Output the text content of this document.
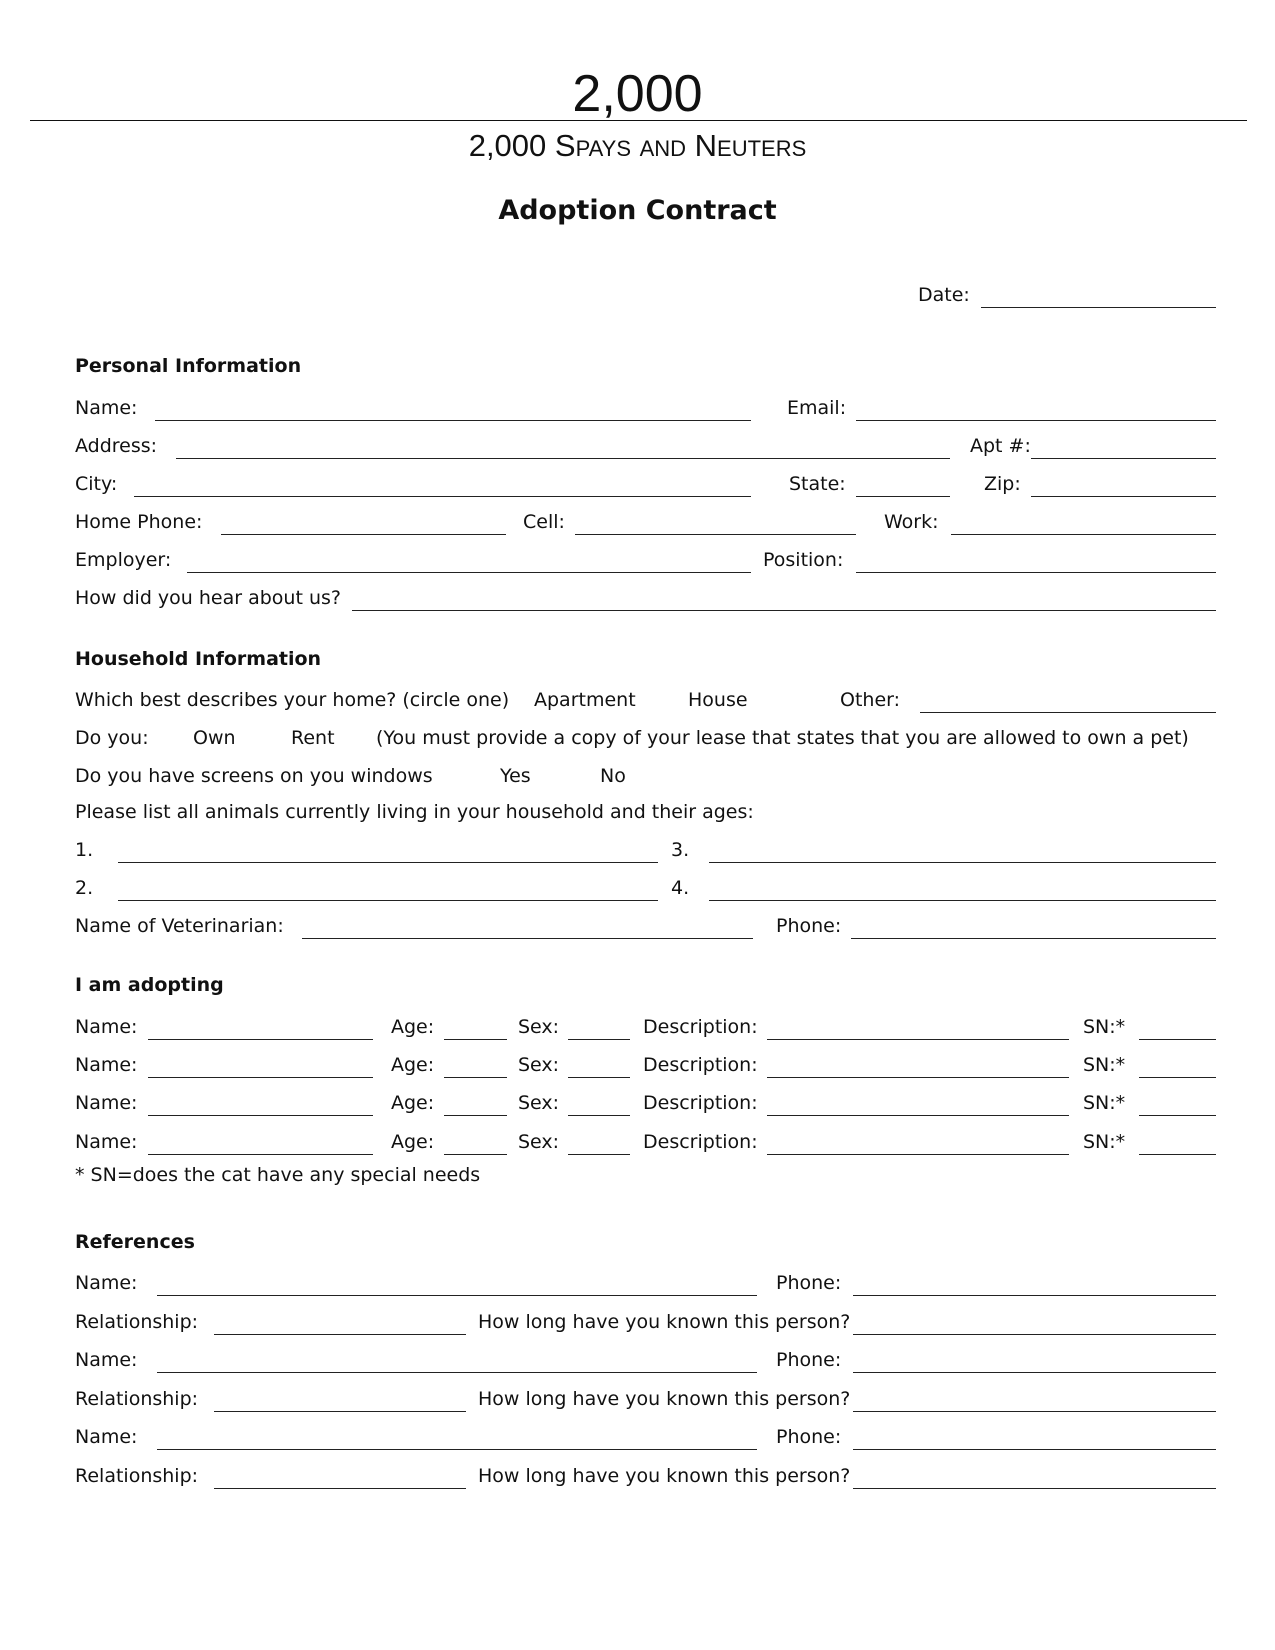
2,000
2,000 Spays and Neuters
Adoption Contract
Date:
Personal Information
Name:	Email:
Address:	Apt #:
City:	State:	Zip:
Home Phone:	Cell:	Work:
Employer:	Position:
How did you hear about us?
Household Information
Which best describes your home? (circle one) Apartment	House	Other:
Do you: Own	Rent (You must provide a copy of your lease that states that you are allowed to own a pet)
Do you have screens on you windows	Yes	No
Please list all animals currently living in your household and their ages:
1.	3.
2.	4.
Name of Veterinarian:	Phone:
I am adopting
Name:	Age:	Sex:	Description:	SN:*
Name:	Age:	Sex:	Description:	SN:*
Name:	Age:	Sex:	Description:	SN:*
Name:	Age:	Sex:	Description:	SN:*
* SN=does the cat have any special needs
References
Name:	Phone:
Relationship:	How long have you known this person?
Name:	Phone:
Relationship:	How long have you known this person?
Name:	Phone:
Relationship:	How long have you known this person?
